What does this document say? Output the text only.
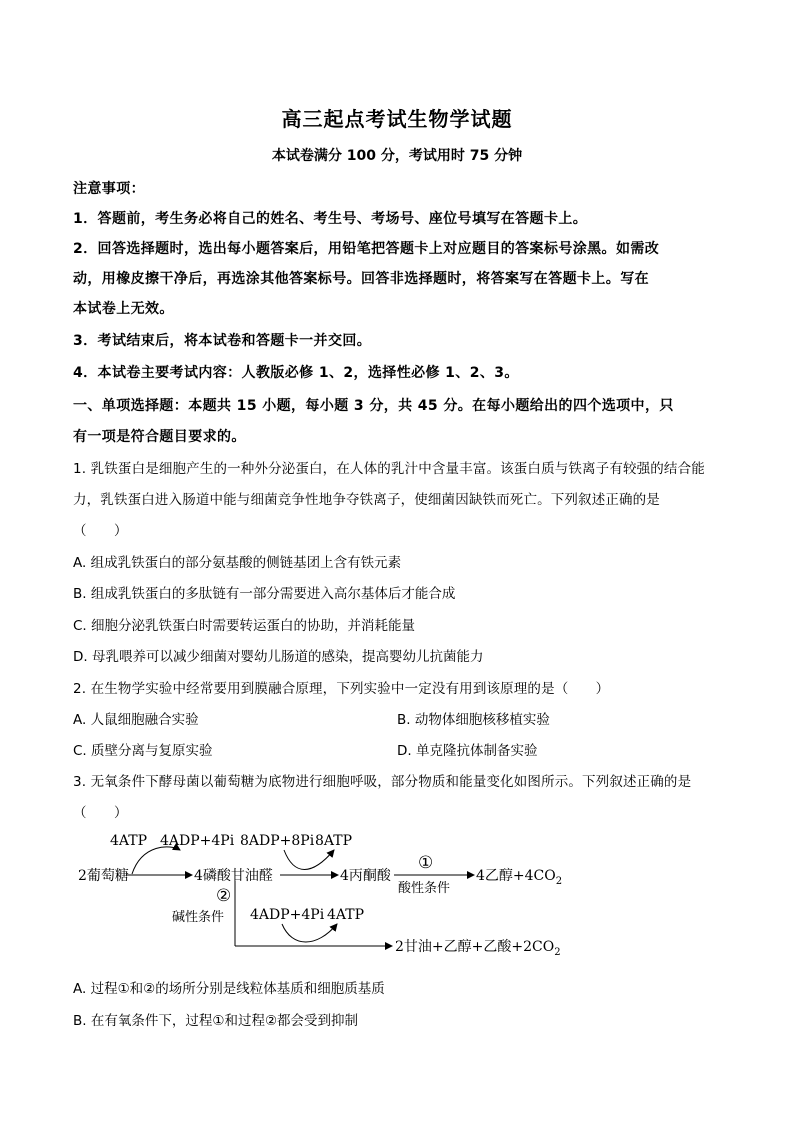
高三起点考试生物学试题
本试卷满分 100 分，考试用时 75 分钟
注意事项：
1．答题前，考生务必将自己的姓名、考生号、考场号、座位号填写在答题卡上。
2．回答选择题时，选出每小题答案后，用铅笔把答题卡上对应题目的答案标号涂黑。如需改
动，用橡皮擦干净后，再选涂其他答案标号。回答非选择题时，将答案写在答题卡上。写在
本试卷上无效。
3．考试结束后，将本试卷和答题卡一并交回。
4．本试卷主要考试内容：人教版必修 1、2，选择性必修 1、2、3。
一、单项选择题：本题共 15 小题，每小题 3 分，共 45 分。在每小题给出的四个选项中，只
有一项是符合题目要求的。
1. 乳铁蛋白是细胞产生的一种外分泌蛋白，在人体的乳汁中含量丰富。该蛋白质与铁离子有较强的结合能
力，乳铁蛋白进入肠道中能与细菌竞争性地争夺铁离子，使细菌因缺铁而死亡。下列叙述正确的是
（　　）
A. 组成乳铁蛋白的部分氨基酸的侧链基团上含有铁元素
B. 组成乳铁蛋白的多肽链有一部分需要进入高尔基体后才能合成
C. 细胞分泌乳铁蛋白时需要转运蛋白的协助，并消耗能量
D. 母乳喂养可以减少细菌对婴幼儿肠道的感染，提高婴幼儿抗菌能力
2. 在生物学实验中经常要用到膜融合原理，下列实验中一定没有用到该原理的是（　　）
A. 人鼠细胞融合实验	B. 动物体细胞核移植实验
C. 质壁分离与复原实验	D. 单克隆抗体制备实验
3. 无氧条件下酵母菌以葡萄糖为底物进行细胞呼吸，部分物质和能量变化如图所示。下列叙述正确的是
（　　）
4ATP 4ADP+4Pi 8ADP+8Pi 8ATP
2葡萄糖	4磷酸甘油醛	4丙酮酸
①
酸性条件
4乙醇$+4CO_2$
②
碱性条件 4ADP+4Pi 4ATP
2甘油+乙醇+乙酸$+2CO_2$
A. 过程①和②的场所分别是线粒体基质和细胞质基质
B. 在有氧条件下，过程①和过程②都会受到抑制
